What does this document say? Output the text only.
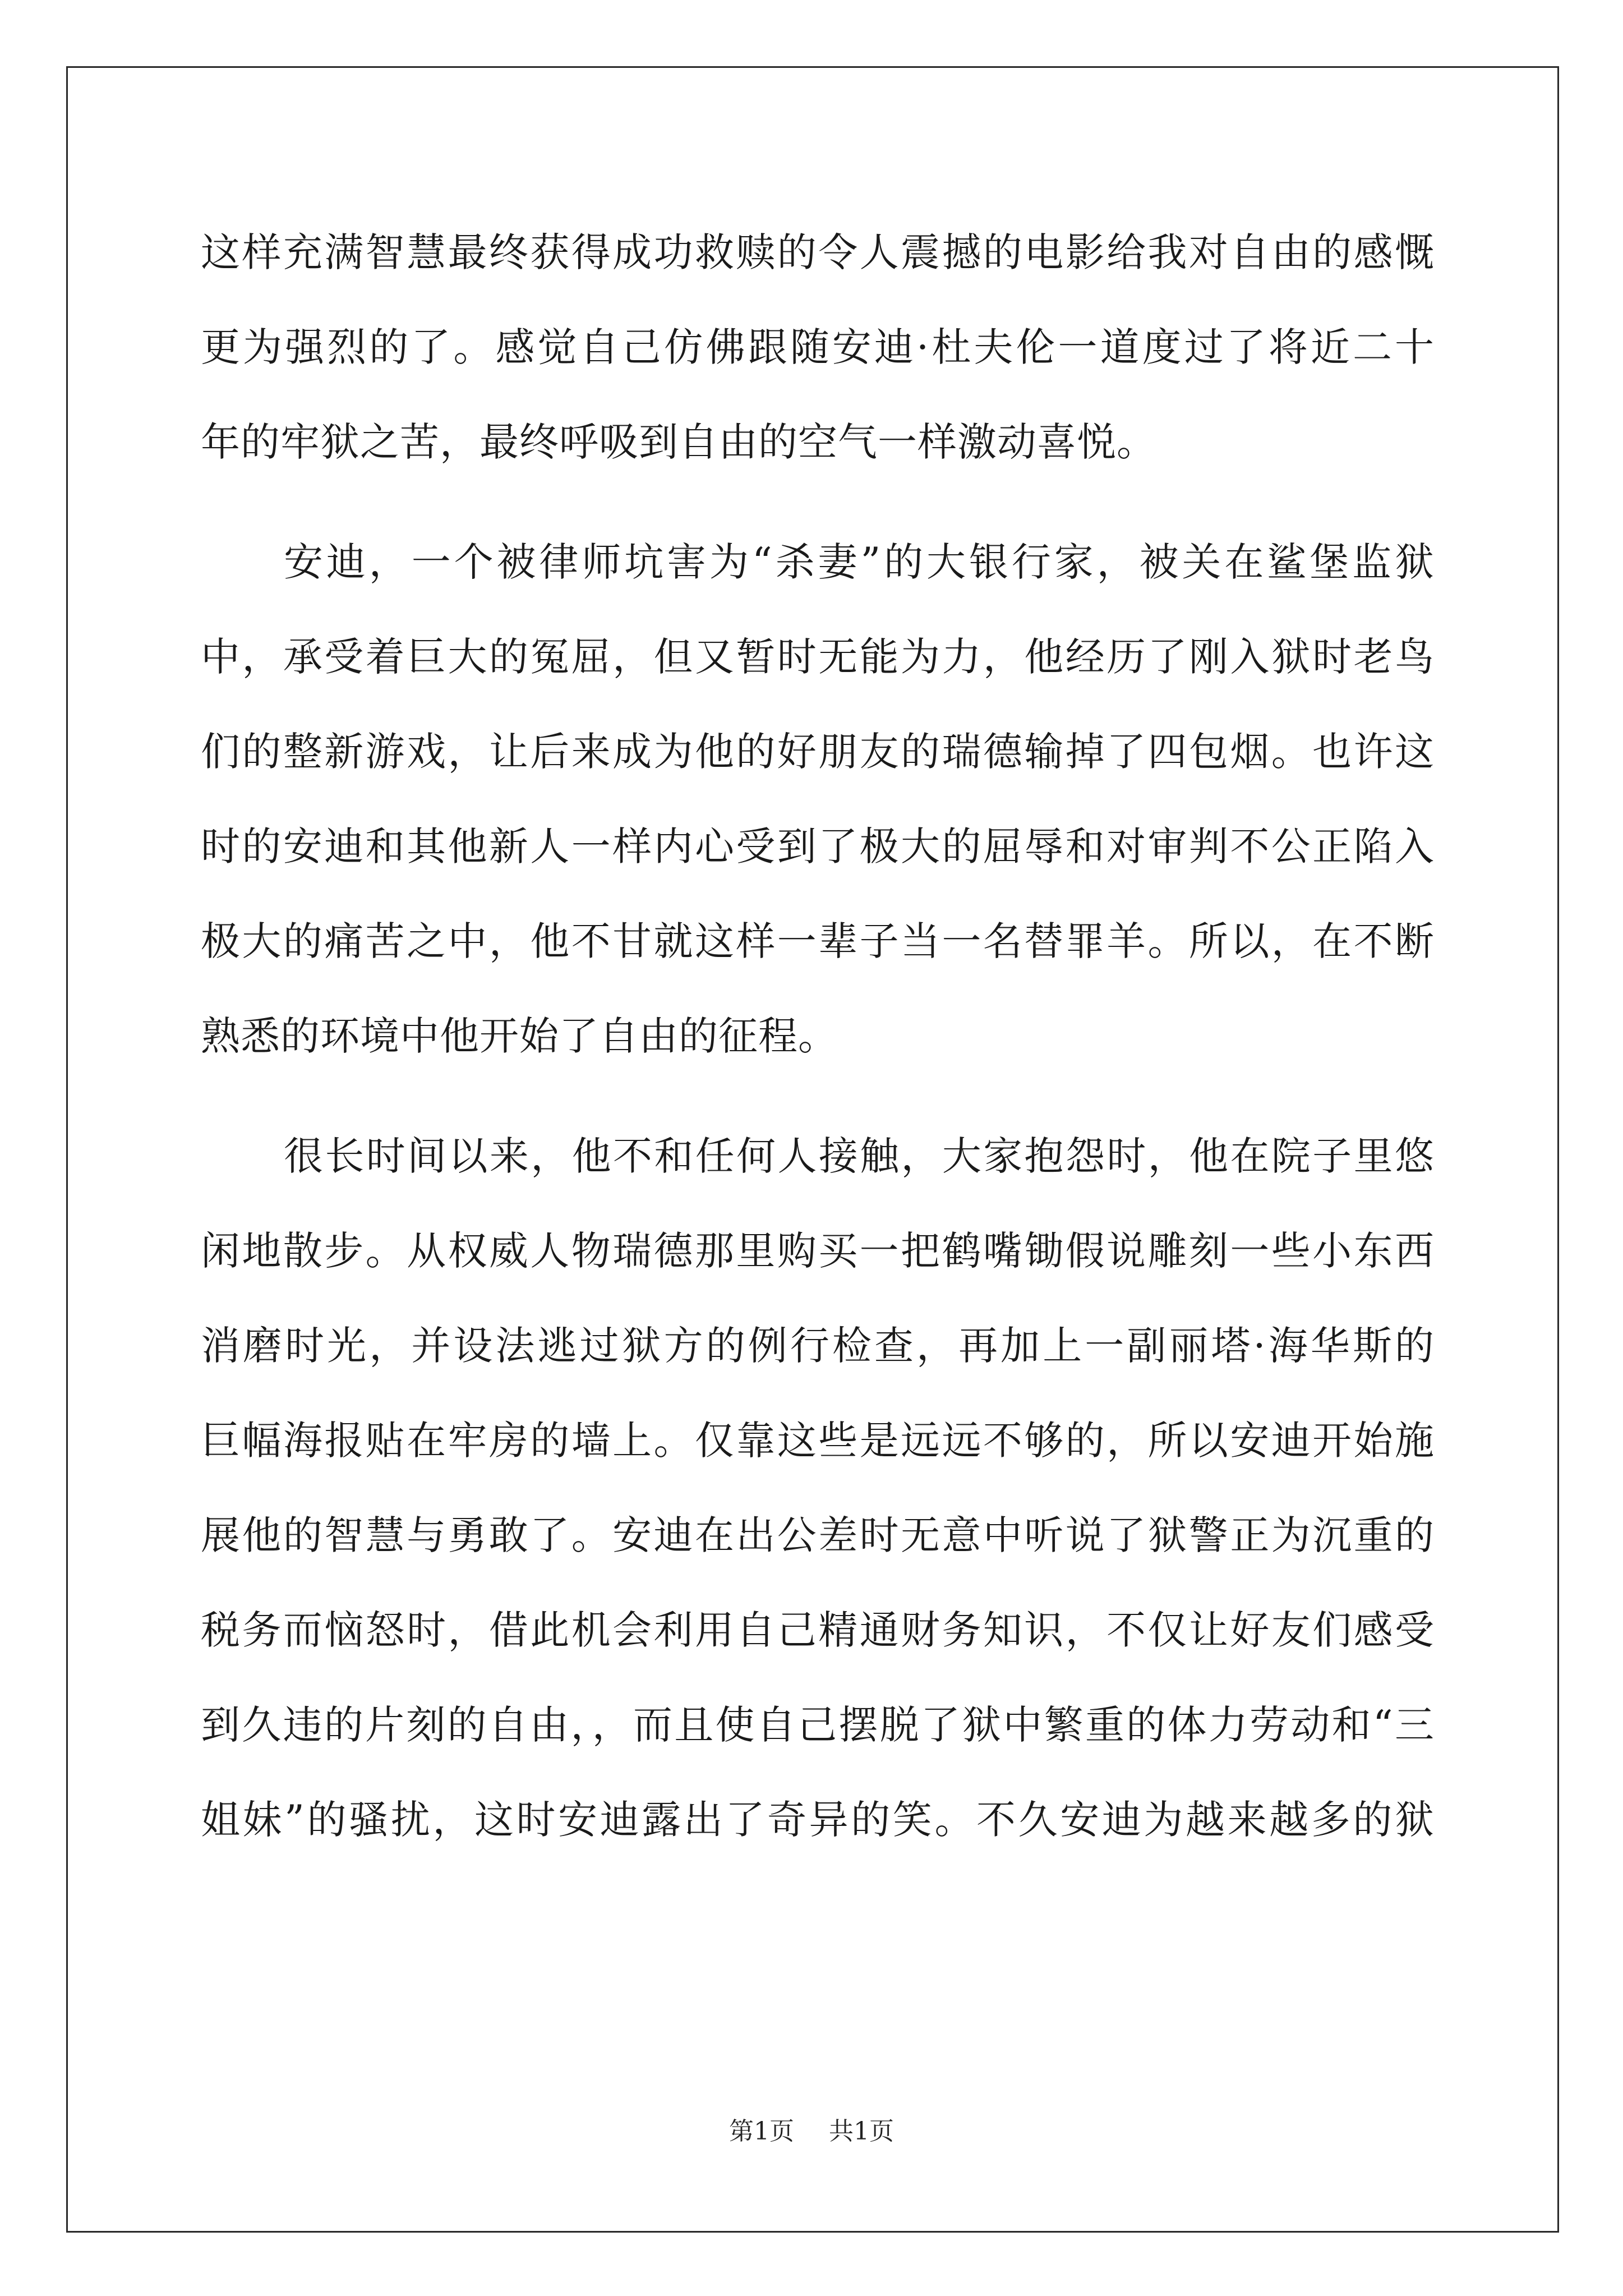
这样充满智慧最终获得成功救赎的令人震撼的电影给我对自由的感慨
更为强烈的了。感觉自己仿佛跟随安迪·杜夫伦一道度过了将近二十
年的牢狱之苦，最终呼吸到自由的空气一样激动喜悦。
安迪，一个被律师坑害为“杀妻”的大银行家，被关在鲨堡监狱
中，承受着巨大的冤屈，但又暂时无能为力，他经历了刚入狱时老鸟
们的整新游戏，让后来成为他的好朋友的瑞德输掉了四包烟。也许这
时的安迪和其他新人一样内心受到了极大的屈辱和对审判不公正陷入
极大的痛苦之中，他不甘就这样一辈子当一名替罪羊。所以，在不断
熟悉的环境中他开始了自由的征程。
很长时间以来，他不和任何人接触，大家抱怨时，他在院子里悠
闲地散步。从权威人物瑞德那里购买一把鹤嘴锄假说雕刻一些小东西
消磨时光，并设法逃过狱方的例行检查，再加上一副丽塔·海华斯的
巨幅海报贴在牢房的墙上。仅靠这些是远远不够的，所以安迪开始施
展他的智慧与勇敢了。安迪在出公差时无意中听说了狱警正为沉重的
税务而恼怒时，借此机会利用自己精通财务知识，不仅让好友们感受
到久违的片刻的自由，，而且使自己摆脱了狱中繁重的体力劳动和“三
姐妹”的骚扰，这时安迪露出了奇异的笑。不久安迪为越来越多的狱
第1页 共1页
